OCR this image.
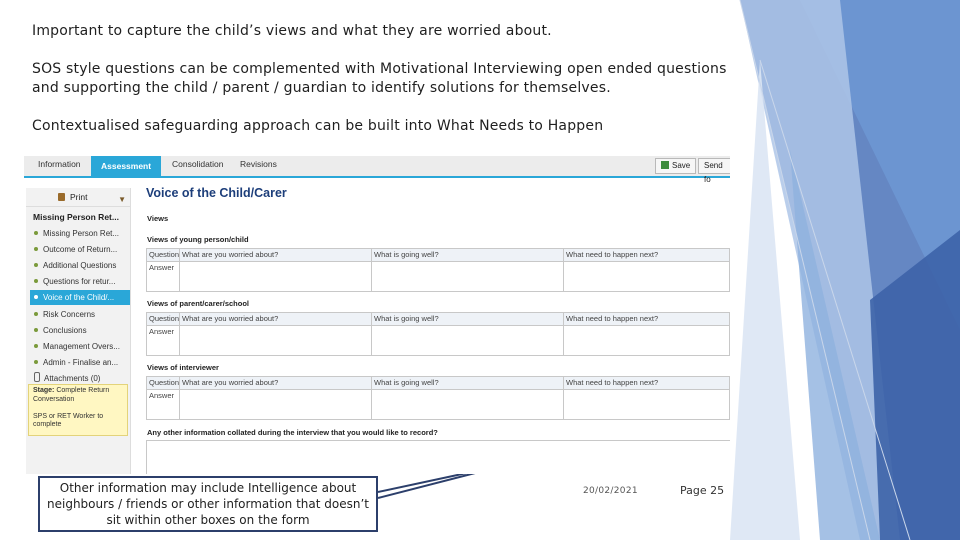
Important to capture the child’s views and what they are worried about.
SOS style questions can be complemented with Motivational Interviewing open ended questions
and supporting the child / parent / guardian to identify solutions for themselves.
Contextualised safeguarding approach can be built into What Needs to Happen
Information	Assessment	Consolidation Revisions	Save	Send fo
Print	▼
Missing Person Ret...
Missing Person Ret...
Outcome of Return...
Additional Questions
Questions for retur...
Voice of the Child/...
Risk Concerns
Conclusions
Management Overs...
Admin - Finalise an...
Attachments (0)
Stage: Complete Return Conversation

SPS or RET Worker to complete
Voice of the Child/Carer
Views
Views of young person/child
Question	What are you worried about?	What is going well?	What need to happen next?
Answer			
Views of parent/carer/school
Question	What are you worried about?	What is going well?	What need to happen next?
Answer			
Views of interviewer
Question	What are you worried about?	What is going well?	What need to happen next?
Answer			
Any other information collated during the interview that you would like to record?
Other information may include Intelligence about neighbours / friends or other information that doesn’t sit within other boxes on the form
20/02/2021	Page 25
